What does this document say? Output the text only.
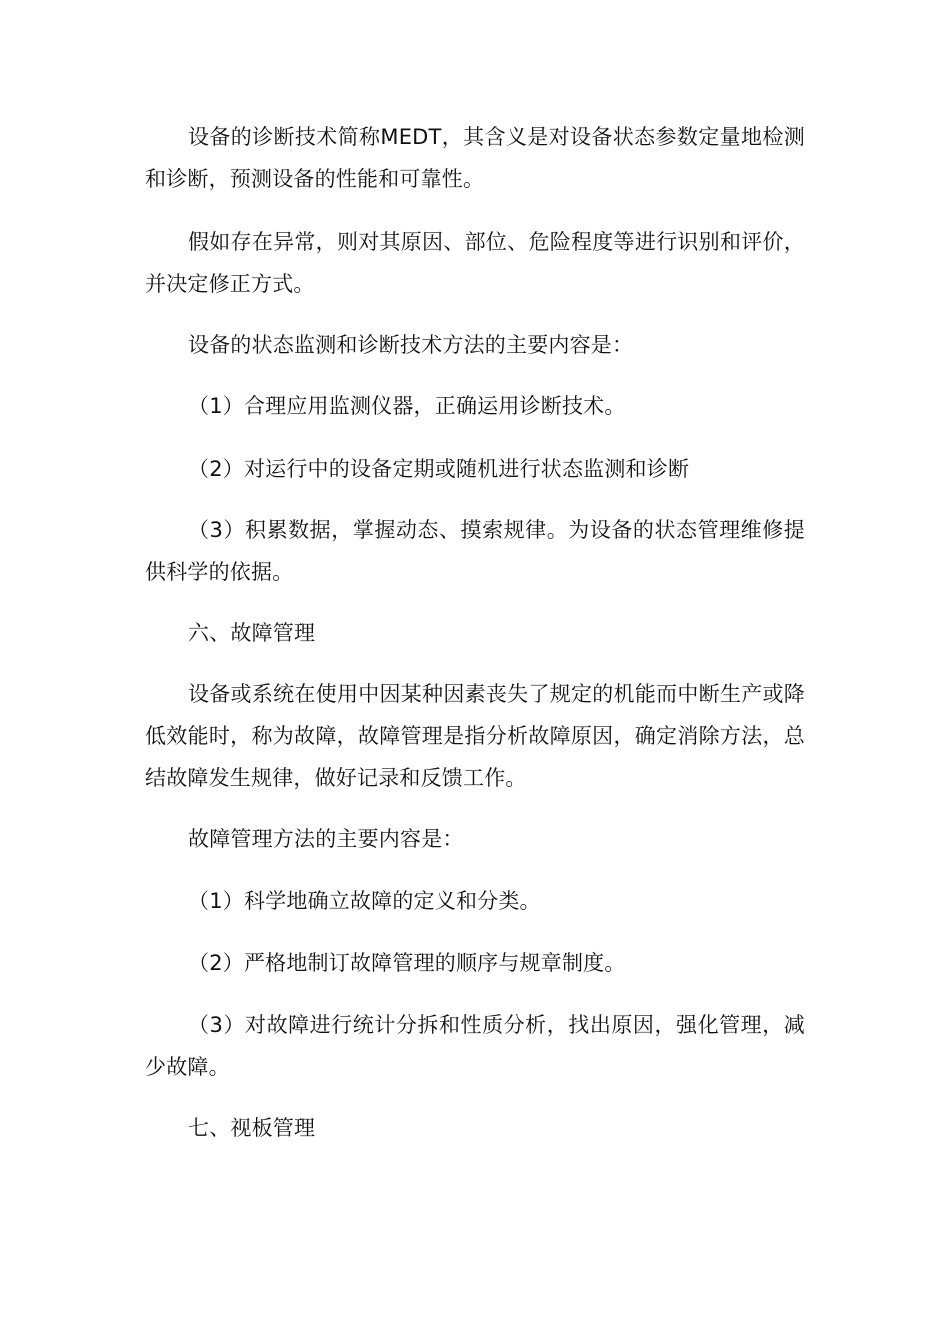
设备的诊断技术简称MEDT，其含义是对设备状态参数定量地检测和诊断，预测设备的性能和可靠性。

假如存在异常，则对其原因、部位、危险程度等进行识别和评价，并决定修正方式。

设备的状态监测和诊断技术方法的主要内容是：

（1）合理应用监测仪器，正确运用诊断技术。

（2）对运行中的设备定期或随机进行状态监测和诊断

（3）积累数据，掌握动态、摸索规律。为设备的状态管理维修提供科学的依据。

六、故障管理

设备或系统在使用中因某种因素丧失了规定的机能而中断生产或降低效能时，称为故障，故障管理是指分析故障原因，确定消除方法，总结故障发生规律，做好记录和反馈工作。

故障管理方法的主要内容是：

（1）科学地确立故障的定义和分类。

（2）严格地制订故障管理的顺序与规章制度。

（3）对故障进行统计分拆和性质分析，找出原因，强化管理，减少故障。

七、视板管理
